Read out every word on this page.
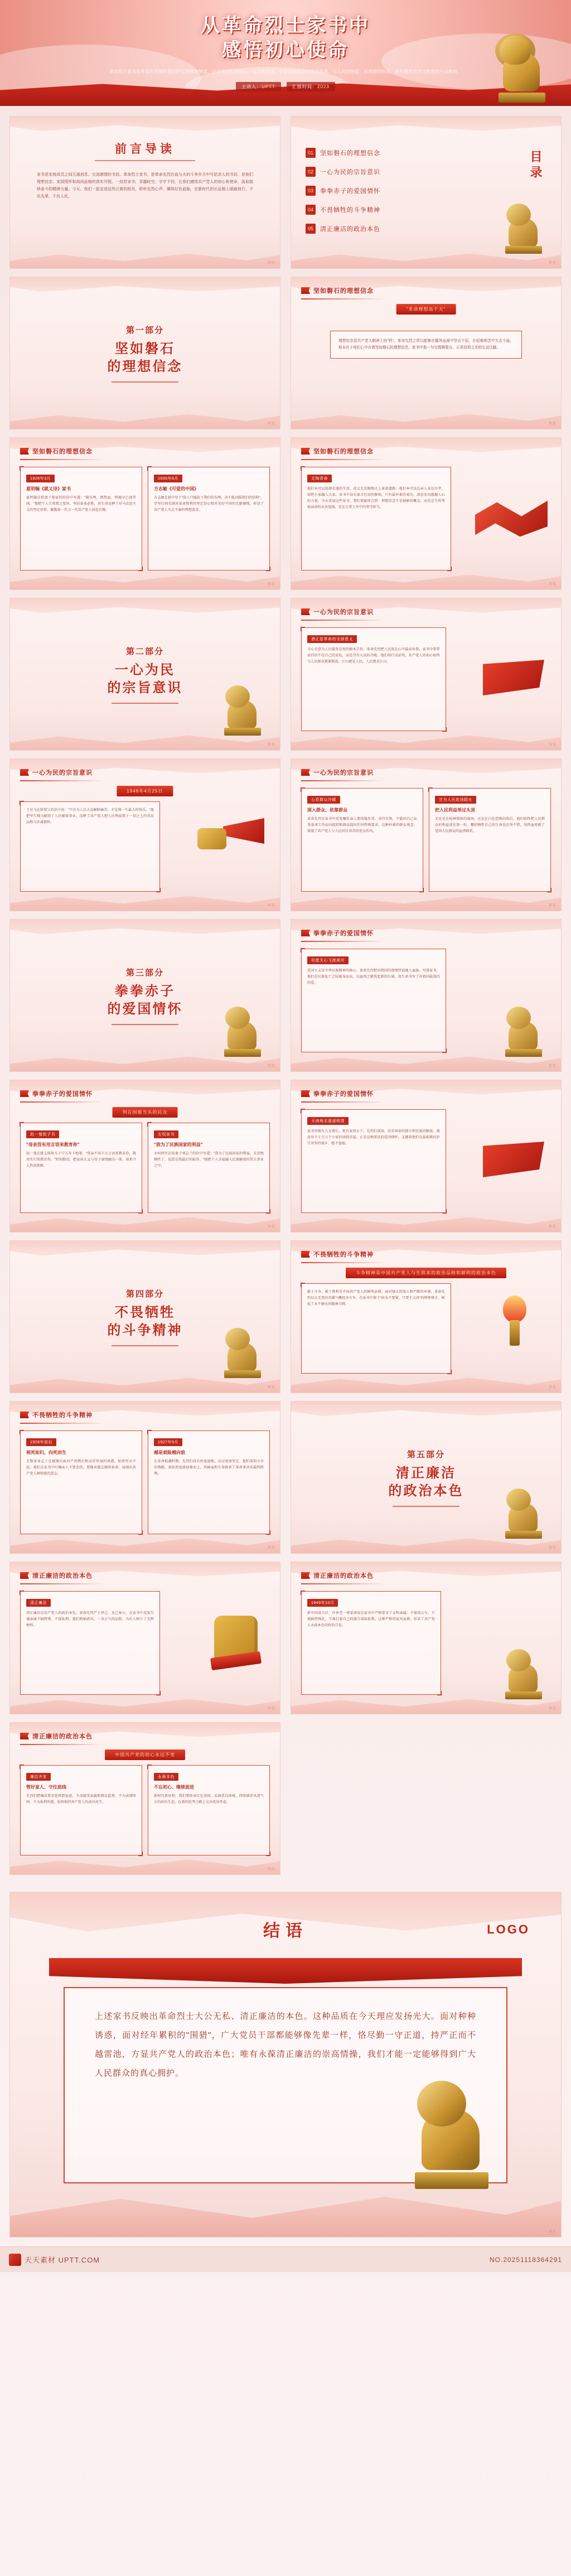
从革命烈士家书中
感悟初心使命
革命烈士家书是革命先烈留给我们的宝贵精神财富，记录着他们的初心、信念和追求，字里行间饱含对党的忠诚、对人民的热爱、对理想的执着，是开展党史学习教育的生动教材。
主讲人：UPTT	汇报时间：2023
前言导读
家书是家庭成员之间互通消息、交流感情的书信。革命烈士家书，是革命先烈在血与火的斗争岁月中写给亲人的书信，是他们理想信念、家国情怀和高尚品格的真实写照。一封封家书，穿越时空，字字千钧，让我们感悟共产党人的初心和使命，汲取接续奋斗的精神力量。今天，我们一起走进这些泛黄的纸页，聆听先烈心声，赓续红色血脉，在新时代的长征路上砥砺前行，不负先辈，不负人民。
预览
目录
01	坚如磐石的理想信念
02	一心为民的宗旨意识
03	拳拳赤子的爱国情怀
04	不畏牺牲的斗争精神
05	清正廉洁的政治本色
预览
第一部分
坚如磐石
的理想信念
预览
坚如磐石的理想信念
"革命理想高于天"
理想信念是共产党人精神上的"钙"。革命先烈之所以能够在腥风血雨中坚贞不屈，在艰难困苦中矢志不渝，根本在于他们心中有着坚如磐石的理想信念。家书中那一句句铿锵誓言，正是信仰之光的生动注脚。
预览
坚如磐石的理想信念
1928年3月
夏明翰《就义诗》家书
夏明翰在给妻子郑家钧的信中写道："抛头颅，洒热血，明翰早已视等闲。"他把个人生死置之度外，坚信革命必胜，用生命诠释了对马克思主义的坚定信仰，激励着一代又一代共产党人前赴后继。
1935年8月
方志敏《可爱的中国》
方志敏在狱中写下"敌人只能砍下我们的头颅，决不能动摇我们的信仰"，字里行间充满对革命胜利的坚定信心和对美好中国的无限憧憬，彰显了共产党人矢志不渝的理想追求。
预览
坚如磐石的理想信念
无悔青春
他们本可以选择安逸的生活，却义无反顾地走上革命道路；他们本可以在亲人身边尽孝，却把小家融入大家。家书中没有豪言壮语的修饰，只有最朴素的表达，却迸发出震撼人心的力量。今天重读这些家书，我们更能体会到：理想信念不是抽象的概念，而是在生死考验面前的从容选择，是在日常工作中的坚守担当。
预览
第二部分
一心为民
的宗旨意识
预览
一心为民的宗旨意识
酒正是革命的全部意义
全心全意为人民服务是党的根本宗旨。革命先烈把人民放在心中最高位置，家书中常常牵挂的不是自己的安危，而是劳苦大众的冷暖。他们用行动证明，共产党人的初心始终与人民群众紧紧相连，江山就是人民，人民就是江山。
预览
一心为民的宗旨意识
1946年4月25日
王若飞在给舅父的信中说："只有为人民大众解除痛苦，才是我一生最大的快乐。"他把毕生精力献给了人民解放事业，诠释了共产党人把人民利益置于一切之上的崇高品格与赤诚情怀。
预览
一心为民的宗旨意识
心系群众冷暖
深入群众、依靠群众
革命先烈在家书中反复嘱托亲人要体恤乡邻、善待百姓，不能因自己从事革命工作而向组织和群众提出任何特殊要求。这种朴素的群众观念，体现了共产党人与人民同甘共苦的优良作风。
甘为人民赴汤蹈火
把人民利益举过头顶
无论是在枪林弹雨的战场，还是在白色恐怖的敌后，他们始终把人民群众的利益放在第一位，哪怕牺牲自己的生命也在所不惜，用热血铸就了党同人民群众的血肉联系。
预览
第三部分
拳拳赤子
的爱国情怀
预览
拳拳赤子的爱国情怀
但愿关心飞渡黄河
爱国主义是中华民族精神的核心。革命先烈把对祖国的深情厚谊融入血脉，写进家书。他们在民族危亡之际挺身而出，以血肉之躯筑起新的长城，用生命书写了对祖国最深沉的爱。
预览
拳拳赤子的爱国情怀
列在国难当头的民众
赵一曼致子书
"母亲没有用言语来教育你"
赵一曼在就义前给儿子宁儿写下绝笔："母亲不用千言万语来教育你，就用实行来教育你。"短短数语，把家国大义与母子深情融为一体，读来令人热泪盈眶。
左权家书
"我为了民族国家的利益"
左权将军在给妻子刘志兰的信中写道："我为了民族国家的利益，光荣地牺牲了，也算是我最后的报答。"他把个人幸福融入民族解放的伟大事业之中。
预览
拳拳赤子的爱国情怀
天南地北遥遥相望
家书里既有儿女情长，更有家国天下。先烈们深知，没有国家的独立和民族的解放，就没有千千万万个小家的团圆幸福。正是这种深沉的爱国情怀，支撑着他们在最艰难的岁月里坚持战斗、绝不退缩。
预览
第四部分
不畏牺牲
的斗争精神
预览
不畏牺牲的斗争精神
斗争精神是中国共产党人与生俱来的政治品格和鲜明的政治本色
敢于斗争、敢于胜利是中国共产党人的鲜明品格。面对强大的敌人和严酷的环境，革命先烈以大无畏的英雄气概投身斗争，在家书中留下"砍头不要紧，只要主义真"的铮铮誓言，树起了永不磨灭的精神丰碑。
预览
不畏牺牲的斗争精神
1928年前后
视死如归、向死而生
无数革命志士在被捕后面对严刑拷打和高官厚禄的诱惑，始终坚贞不屈。他们在家书中叮嘱亲人不要悲伤，要继承遗志继续革命，展现出共产党人钢铁般的意志。
1927年5月
越是艰险越向前
在革命低潮时期，先烈们没有丝毫退缩，反而更加坚定。他们深知斗争的残酷，却依然选择迎难而上，用鲜血和生命换来了革命事业的最终胜利。
预览
第五部分
清正廉洁
的政治本色
预览
清正廉洁的政治本色
清正廉洁
清正廉洁是共产党人的政治本色。革命先烈严于律己、克己奉公，在家书中反复告诫亲属不搞特殊、不谋私利。他们两袖清风、一身正气的品格，为后人树立了光辉榜样。
预览
清正廉洁的政治本色
1949年10月
新中国成立后，许多老一辈革命家在家书中严格要求子女和亲属：不准用公车、不准搞特殊化、不准打着自己的旗号谋取私利。这种严格的家风家教，彰显了共产党人永葆本色的政治自觉。
预览
清正廉洁的政治本色
中国共产党的初心永远不变
廉洁齐家
管好家人、守住底线
先烈们把廉洁要求延伸到家庭，主动接受亲属和群众监督，不为亲情所困、不为私利所惑，始终保持共产党人的高风亮节。
永葆本色
不忘初心、继续前进
新时代新征程，我们要传承红色基因，弘扬优良传统，持续涵养风清气正的政治生态，在新的赶考之路上交出优异答卷。
预览
结语	LOGO

上述家书反映出革命烈士大公无私、清正廉洁的本色。这种品质在今天理应发扬光大。面对种种诱惑，面对经年累积的"围猎"，广大党员干部都能够像先辈一样，恪尽勤一守正道，持严正而不越雷池，方显共产党人的政治本色；唯有永葆清正廉洁的崇高情操，我们才能一定能够得到广大人民群众的真心拥护。

预览
天天素材 UPTT.COM	NO.20251118364291
